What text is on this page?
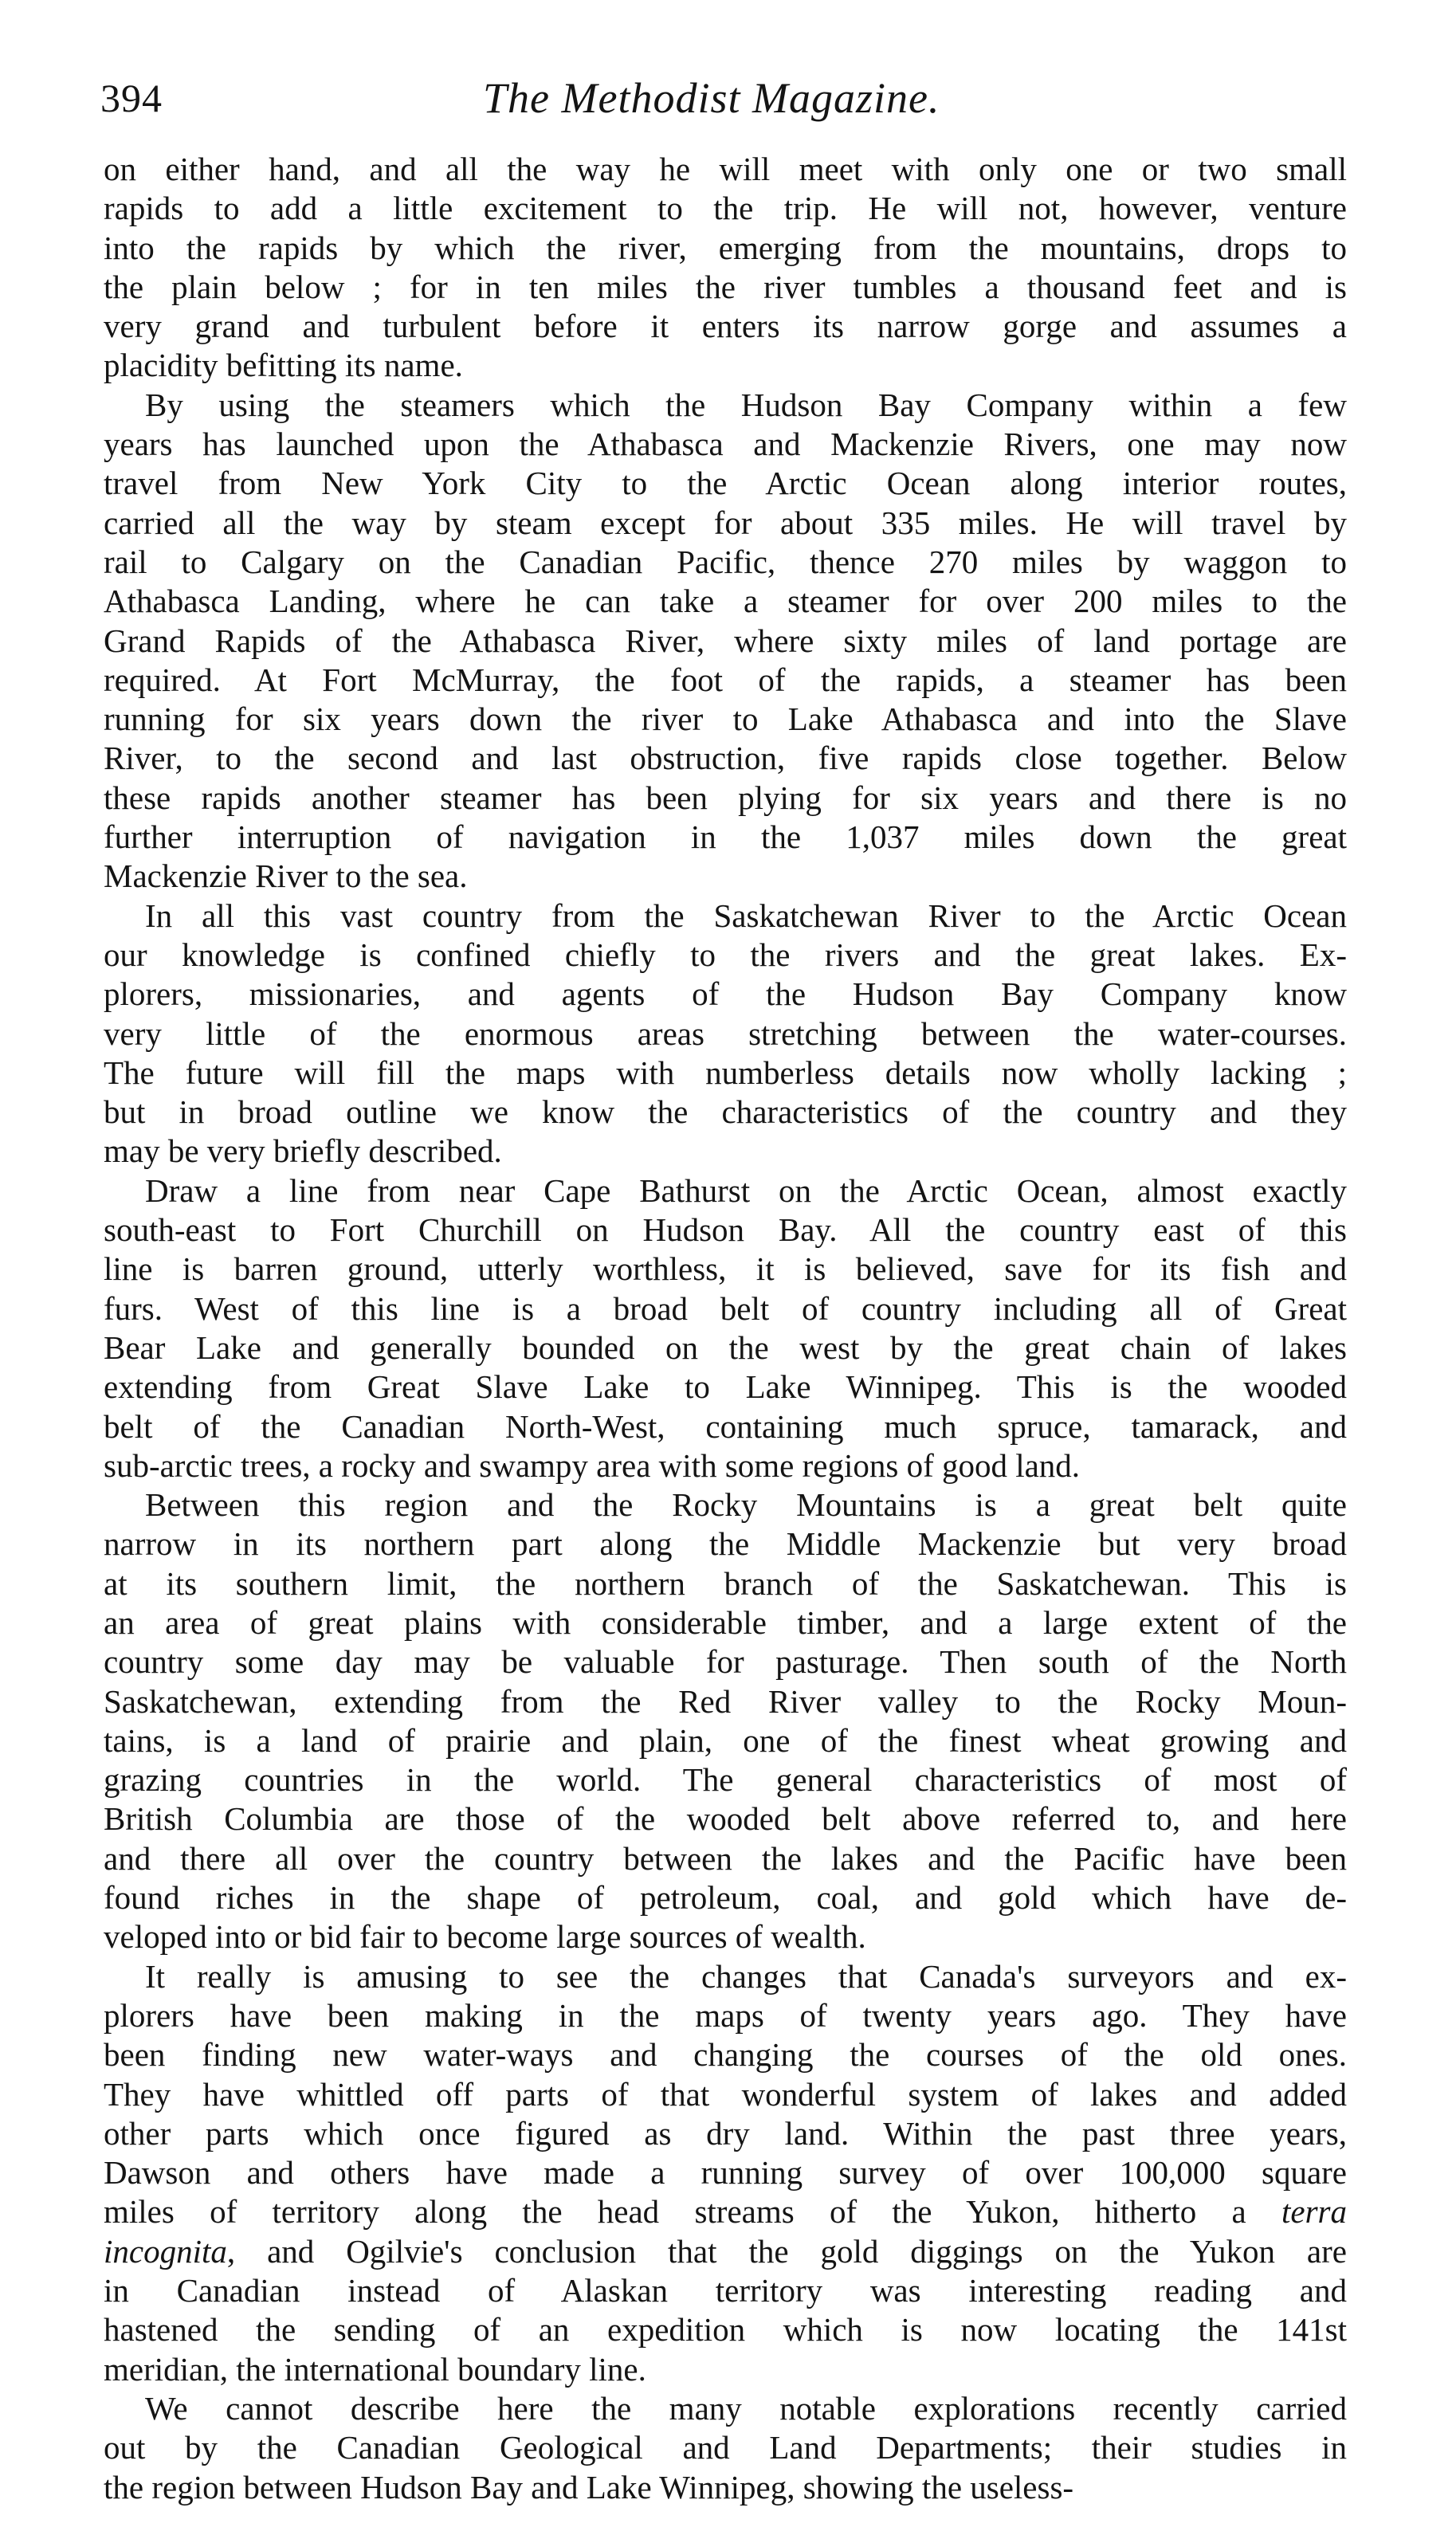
394	The Methodist Magazine.
on either hand, and all the way he will meet with only one or two small
rapids to add a little excitement to the trip. He will not, however, venture
into the rapids by which the river, emerging from the mountains, drops to
the plain below ; for in ten miles the river tumbles a thousand feet and is
very grand and turbulent before it enters its narrow gorge and assumes a
placidity befitting its name.
By using the steamers which the Hudson Bay Company within a few
years has launched upon the Athabasca and Mackenzie Rivers, one may now
travel from New York City to the Arctic Ocean along interior routes,
carried all the way by steam except for about 335 miles. He will travel by
rail to Calgary on the Canadian Pacific, thence 270 miles by waggon to
Athabasca Landing, where he can take a steamer for over 200 miles to the
Grand Rapids of the Athabasca River, where sixty miles of land portage are
required. At Fort McMurray, the foot of the rapids, a steamer has been
running for six years down the river to Lake Athabasca and into the Slave
River, to the second and last obstruction, five rapids close together. Below
these rapids another steamer has been plying for six years and there is no
further interruption of navigation in the 1,037 miles down the great
Mackenzie River to the sea.
In all this vast country from the Saskatchewan River to the Arctic Ocean
our knowledge is confined chiefly to the rivers and the great lakes. Ex-
plorers, missionaries, and agents of the Hudson Bay Company know
very little of the enormous areas stretching between the water-courses.
The future will fill the maps with numberless details now wholly lacking ;
but in broad outline we know the characteristics of the country and they
may be very briefly described.
Draw a line from near Cape Bathurst on the Arctic Ocean, almost exactly
south-east to Fort Churchill on Hudson Bay. All the country east of this
line is barren ground, utterly worthless, it is believed, save for its fish and
furs. West of this line is a broad belt of country including all of Great
Bear Lake and generally bounded on the west by the great chain of lakes
extending from Great Slave Lake to Lake Winnipeg. This is the wooded
belt of the Canadian North-West, containing much spruce, tamarack, and
sub-arctic trees, a rocky and swampy area with some regions of good land.
Between this region and the Rocky Mountains is a great belt quite
narrow in its northern part along the Middle Mackenzie but very broad
at its southern limit, the northern branch of the Saskatchewan. This is
an area of great plains with considerable timber, and a large extent of the
country some day may be valuable for pasturage. Then south of the North
Saskatchewan, extending from the Red River valley to the Rocky Moun-
tains, is a land of prairie and plain, one of the finest wheat growing and
grazing countries in the world. The general characteristics of most of
British Columbia are those of the wooded belt above referred to, and here
and there all over the country between the lakes and the Pacific have been
found riches in the shape of petroleum, coal, and gold which have de-
veloped into or bid fair to become large sources of wealth.
It really is amusing to see the changes that Canada's surveyors and ex-
plorers have been making in the maps of twenty years ago. They have
been finding new water-ways and changing the courses of the old ones.
They have whittled off parts of that wonderful system of lakes and added
other parts which once figured as dry land. Within the past three years,
Dawson and others have made a running survey of over 100,000 square
miles of territory along the head streams of the Yukon, hitherto a terra
incognita, and Ogilvie's conclusion that the gold diggings on the Yukon are
in Canadian instead of Alaskan territory was interesting reading and
hastened the sending of an expedition which is now locating the 141st
meridian, the international boundary line.
We cannot describe here the many notable explorations recently carried
out by the Canadian Geological and Land Departments; their studies in
the region between Hudson Bay and Lake Winnipeg, showing the useless-
